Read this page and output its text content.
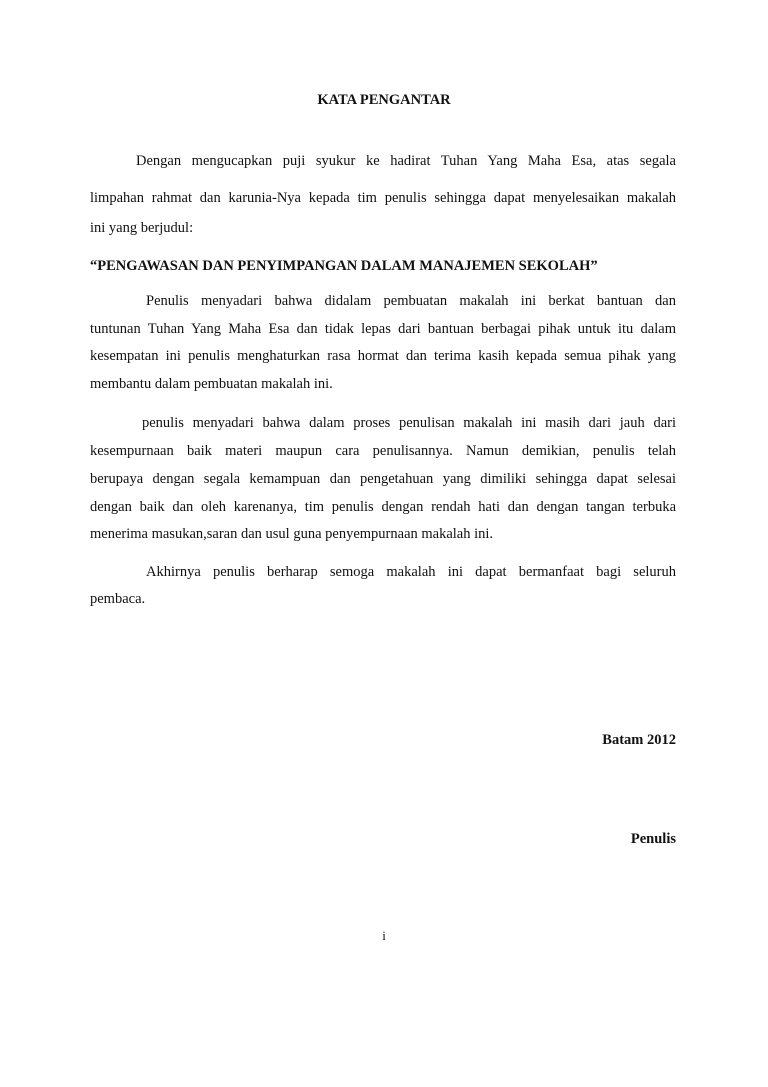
KATA PENGANTAR
Dengan mengucapkan puji syukur ke hadirat Tuhan Yang Maha Esa, atas segala
limpahan rahmat dan karunia-Nya kepada tim penulis sehingga dapat menyelesaikan makalah
ini yang berjudul:
“PENGAWASAN DAN PENYIMPANGAN DALAM MANAJEMEN SEKOLAH”
Penulis menyadari bahwa didalam pembuatan makalah ini berkat bantuan dan
tuntunan Tuhan Yang Maha Esa dan tidak lepas dari bantuan berbagai pihak untuk itu dalam
kesempatan ini penulis menghaturkan rasa hormat dan terima kasih kepada semua pihak yang
membantu dalam pembuatan makalah ini.
penulis menyadari bahwa dalam proses penulisan makalah ini masih dari jauh dari
kesempurnaan baik materi maupun cara penulisannya. Namun demikian, penulis telah
berupaya dengan segala kemampuan dan pengetahuan yang dimiliki sehingga dapat selesai
dengan baik dan oleh karenanya, tim penulis dengan rendah hati dan dengan tangan terbuka
menerima masukan,saran dan usul guna penyempurnaan makalah ini.
Akhirnya penulis berharap semoga makalah ini dapat bermanfaat bagi seluruh
pembaca.
Batam 2012
Penulis
i
